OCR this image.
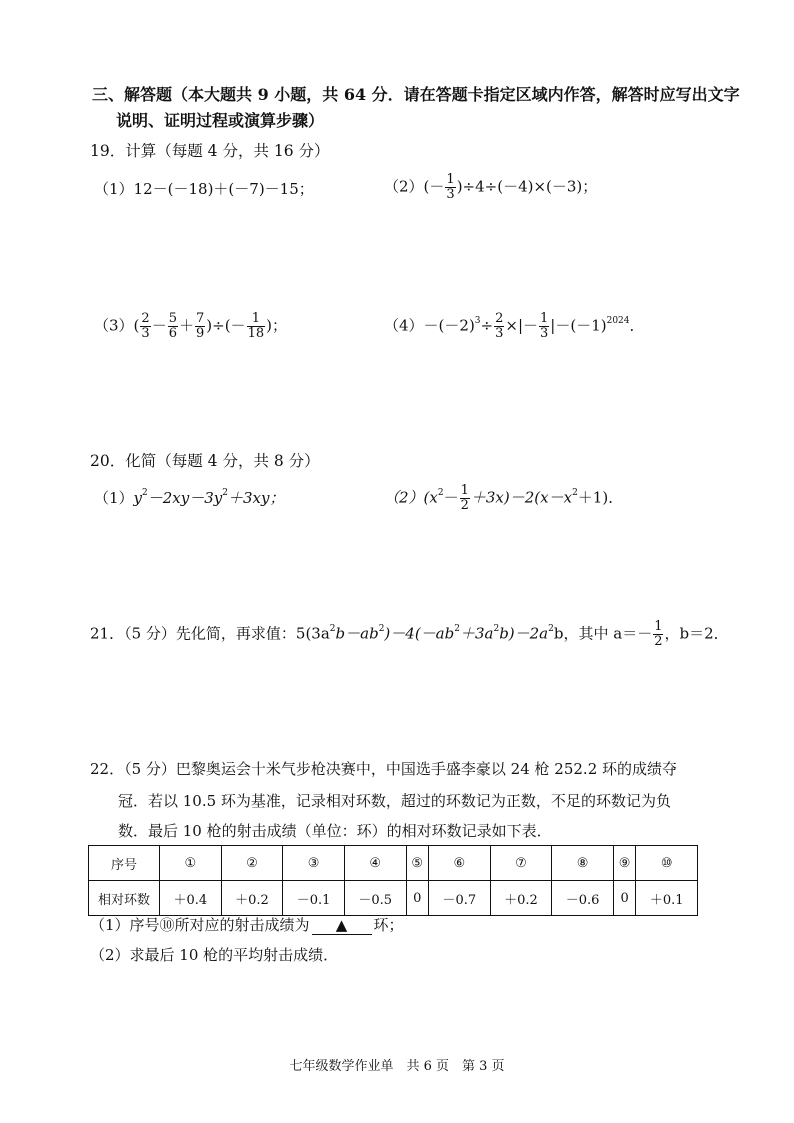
三、解答题（本大题共 9 小题，共 64 分．请在答题卡指定区域内作答，解答时应写出文字
说明、证明过程或演算步骤）
19．计算（每题 4 分，共 16 分）
（1）12－(－18)＋(－7)－15；	$(2)(- \frac{1}{3} )\div 4\div(-4)\times(-3)$；
$(3)( \frac{2}{3} - \frac{5}{6} + \frac{7}{9}$ )÷(－ $\frac{1}{18}$ )；	$(4)-(-2)^3\div \frac{2}{3}$ ×|－ $\frac{1}{3} |-(-1)^{2024}$．
20．化简（每题 4 分，共 8 分）
$(1)y^2-2xy-3y^2+3xy$；	$(2)(x^2- \frac{1}{2} +3x)-2(x-x^2+1)$．
21．（5 分）先化简，再求值：$5(3a^2b-ab^2)-4(-ab^2+3a^2b)-2a^2b$，其中 $a=- \frac{1}{2}$ ，b＝2．
22．（5 分）巴黎奥运会十米气步枪决赛中，中国选手盛李豪以 24 枪 252.2 环的成绩夺
冠．若以 10.5 环为基准，记录相对环数，超过的环数记为正数，不足的环数记为负
数．最后 10 枪的射击成绩（单位：环）的相对环数记录如下表．
序号	①	②	③	④	⑤	⑥	⑦	⑧	⑨	⑩
相对环数	＋0.4	＋0.2	－0.1	－0.5	0	－0.7	＋0.2	－0.6	0	＋0.1
（1）序号⑩所对应的射击成绩为 ▲ 环；
（2）求最后 10 枪的平均射击成绩．
七年级数学作业单　共 6 页　第 3 页
